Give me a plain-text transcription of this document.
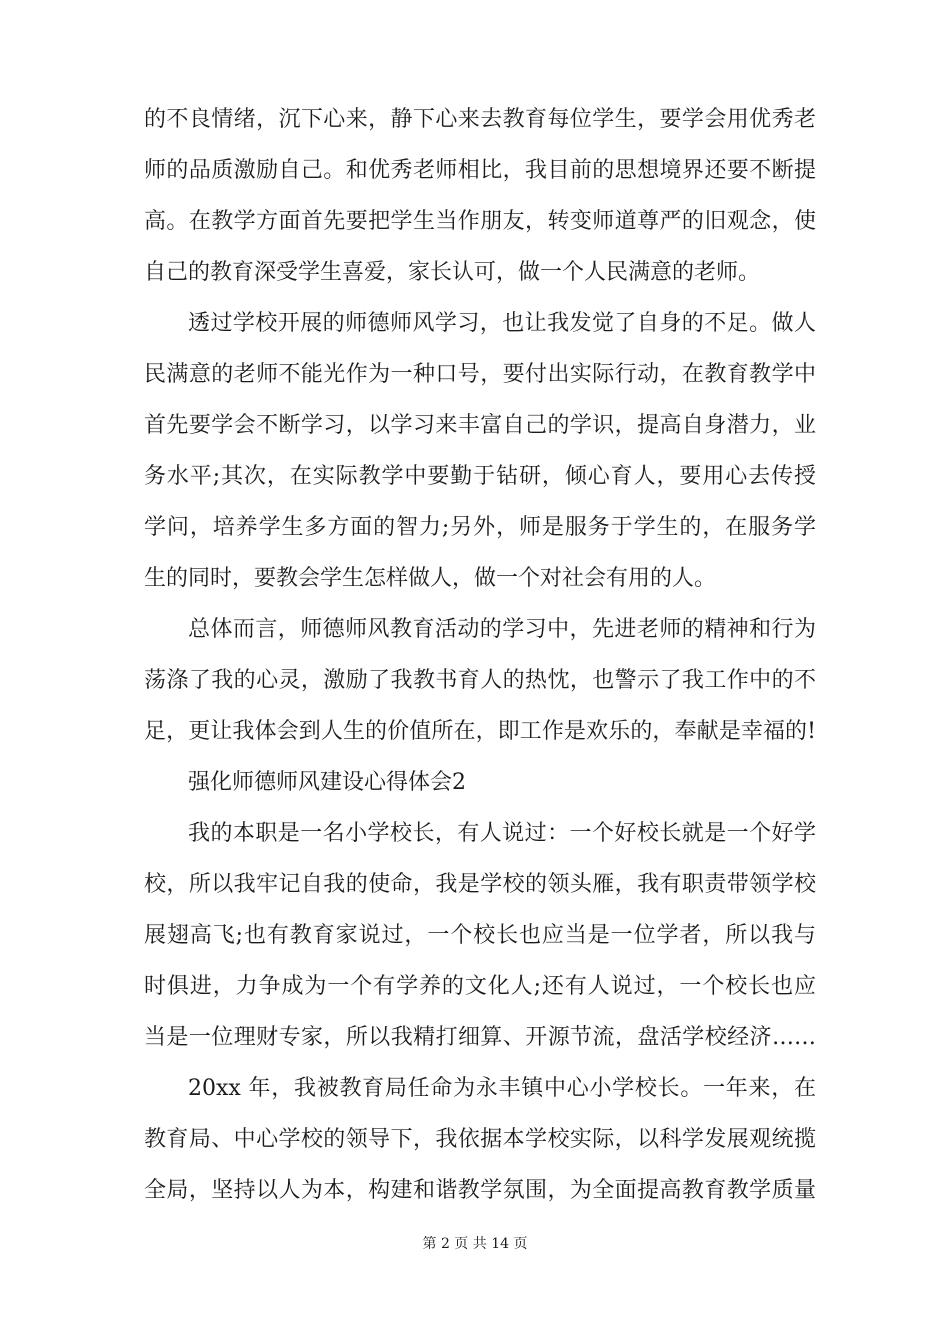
的不良情绪，沉下心来，静下心来去教育每位学生，要学会用优秀老
师的品质激励自己。和优秀老师相比，我目前的思想境界还要不断提
高。在教学方面首先要把学生当作朋友，转变师道尊严的旧观念，使
自己的教育深受学生喜爱，家长认可，做一个人民满意的老师。
透过学校开展的师德师风学习，也让我发觉了自身的不足。做人
民满意的老师不能光作为一种口号，要付出实际行动，在教育教学中
首先要学会不断学习，以学习来丰富自己的学识，提高自身潜力，业
务水平;其次，在实际教学中要勤于钻研，倾心育人，要用心去传授
学问，培养学生多方面的智力;另外，师是服务于学生的，在服务学
生的同时，要教会学生怎样做人，做一个对社会有用的人。
总体而言，师德师风教育活动的学习中，先进老师的精神和行为
荡涤了我的心灵，激励了我教书育人的热忱，也警示了我工作中的不
足，更让我体会到人生的价值所在，即工作是欢乐的，奉献是幸福的!
强化师德师风建设心得体会2
我的本职是一名小学校长，有人说过：一个好校长就是一个好学
校，所以我牢记自我的使命，我是学校的领头雁，我有职责带领学校
展翅高飞;也有教育家说过，一个校长也应当是一位学者，所以我与
时俱进，力争成为一个有学养的文化人;还有人说过，一个校长也应
当是一位理财专家，所以我精打细算、开源节流，盘活学校经济……
20xx 年，我被教育局任命为永丰镇中心小学校长。一年来，在
教育局、中心学校的领导下，我依据本学校实际，以科学发展观统揽
全局，坚持以人为本，构建和谐教学氛围，为全面提高教育教学质量
第 2 页 共 14 页
